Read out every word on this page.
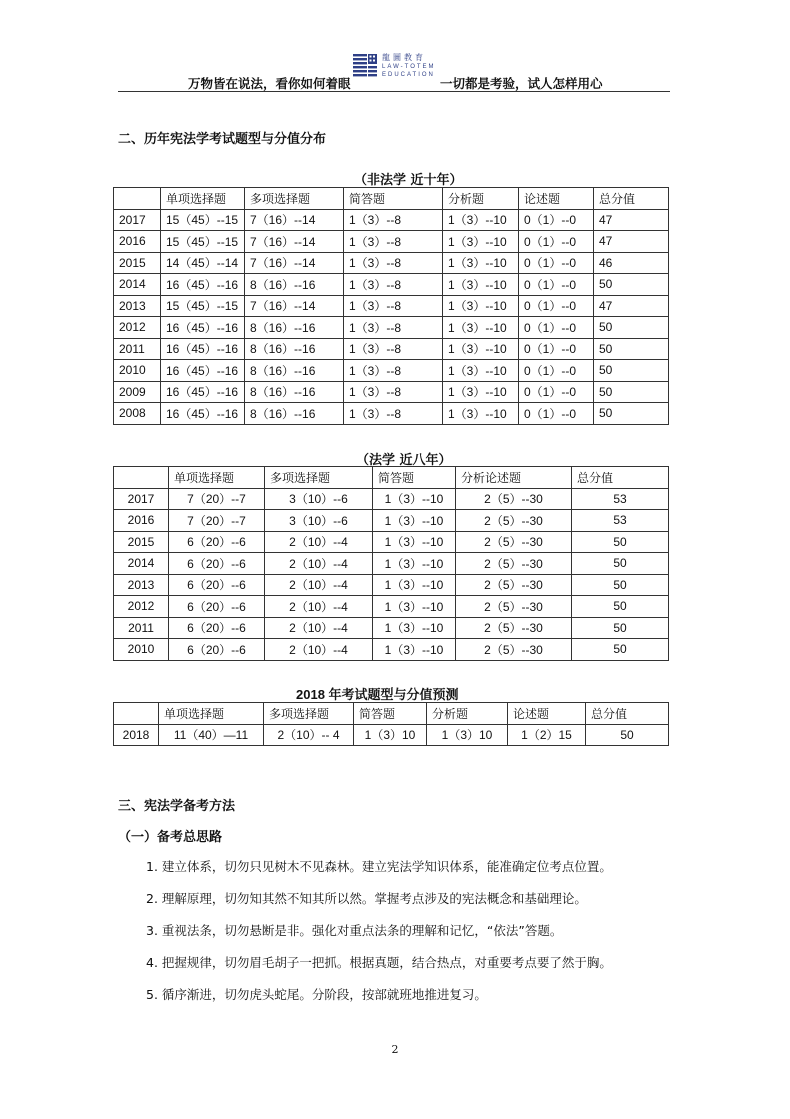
万物皆在说法，看你如何着眼
龍圖教育
LAW-TOTEM
EDUCATION
一切都是考验，试人怎样用心
二、历年宪法学考试题型与分值分布
（非法学 近十年）
	单项选择题	多项选择题	简答题	分析题	论述题	总分值
2017	15（45）--15	7（16）--14	1（3）--8	1（3）--10	0（1）--0	47
2016	15（45）--15	7（16）--14	1（3）--8	1（3）--10	0（1）--0	47
2015	14（45）--14	7（16）--14	1（3）--8	1（3）--10	0（1）--0	46
2014	16（45）--16	8（16）--16	1（3）--8	1（3）--10	0（1）--0	50
2013	15（45）--15	7（16）--14	1（3）--8	1（3）--10	0（1）--0	47
2012	16（45）--16	8（16）--16	1（3）--8	1（3）--10	0（1）--0	50
2011	16（45）--16	8（16）--16	1（3）--8	1（3）--10	0（1）--0	50
2010	16（45）--16	8（16）--16	1（3）--8	1（3）--10	0（1）--0	50
2009	16（45）--16	8（16）--16	1（3）--8	1（3）--10	0（1）--0	50
2008	16（45）--16	8（16）--16	1（3）--8	1（3）--10	0（1）--0	50
（法学 近八年）
	单项选择题	多项选择题	简答题	分析论述题	总分值
2017	7（20）--7	3（10）--6	1（3）--10	2（5）--30	53
2016	7（20）--7	3（10）--6	1（3）--10	2（5）--30	53
2015	6（20）--6	2（10）--4	1（3）--10	2（5）--30	50
2014	6（20）--6	2（10）--4	1（3）--10	2（5）--30	50
2013	6（20）--6	2（10）--4	1（3）--10	2（5）--30	50
2012	6（20）--6	2（10）--4	1（3）--10	2（5）--30	50
2011	6（20）--6	2（10）--4	1（3）--10	2（5）--30	50
2010	6（20）--6	2（10）--4	1（3）--10	2（5）--30	50
2018 年考试题型与分值预测
	单项选择题	多项选择题	简答题	分析题	论述题	总分值
2018	11（40）—11	2（10）-- 4	1（3）10	1（3）10	1（2）15	50
三、宪法学备考方法
（一）备考总思路
1. 建立体系，切勿只见树木不见森林。建立宪法学知识体系，能准确定位考点位置。
2. 理解原理，切勿知其然不知其所以然。掌握考点涉及的宪法概念和基础理论。
3. 重视法条，切勿悬断是非。强化对重点法条的理解和记忆，“依法”答题。
4. 把握规律，切勿眉毛胡子一把抓。根据真题，结合热点，对重要考点要了然于胸。
5. 循序渐进，切勿虎头蛇尾。分阶段，按部就班地推进复习。
2
